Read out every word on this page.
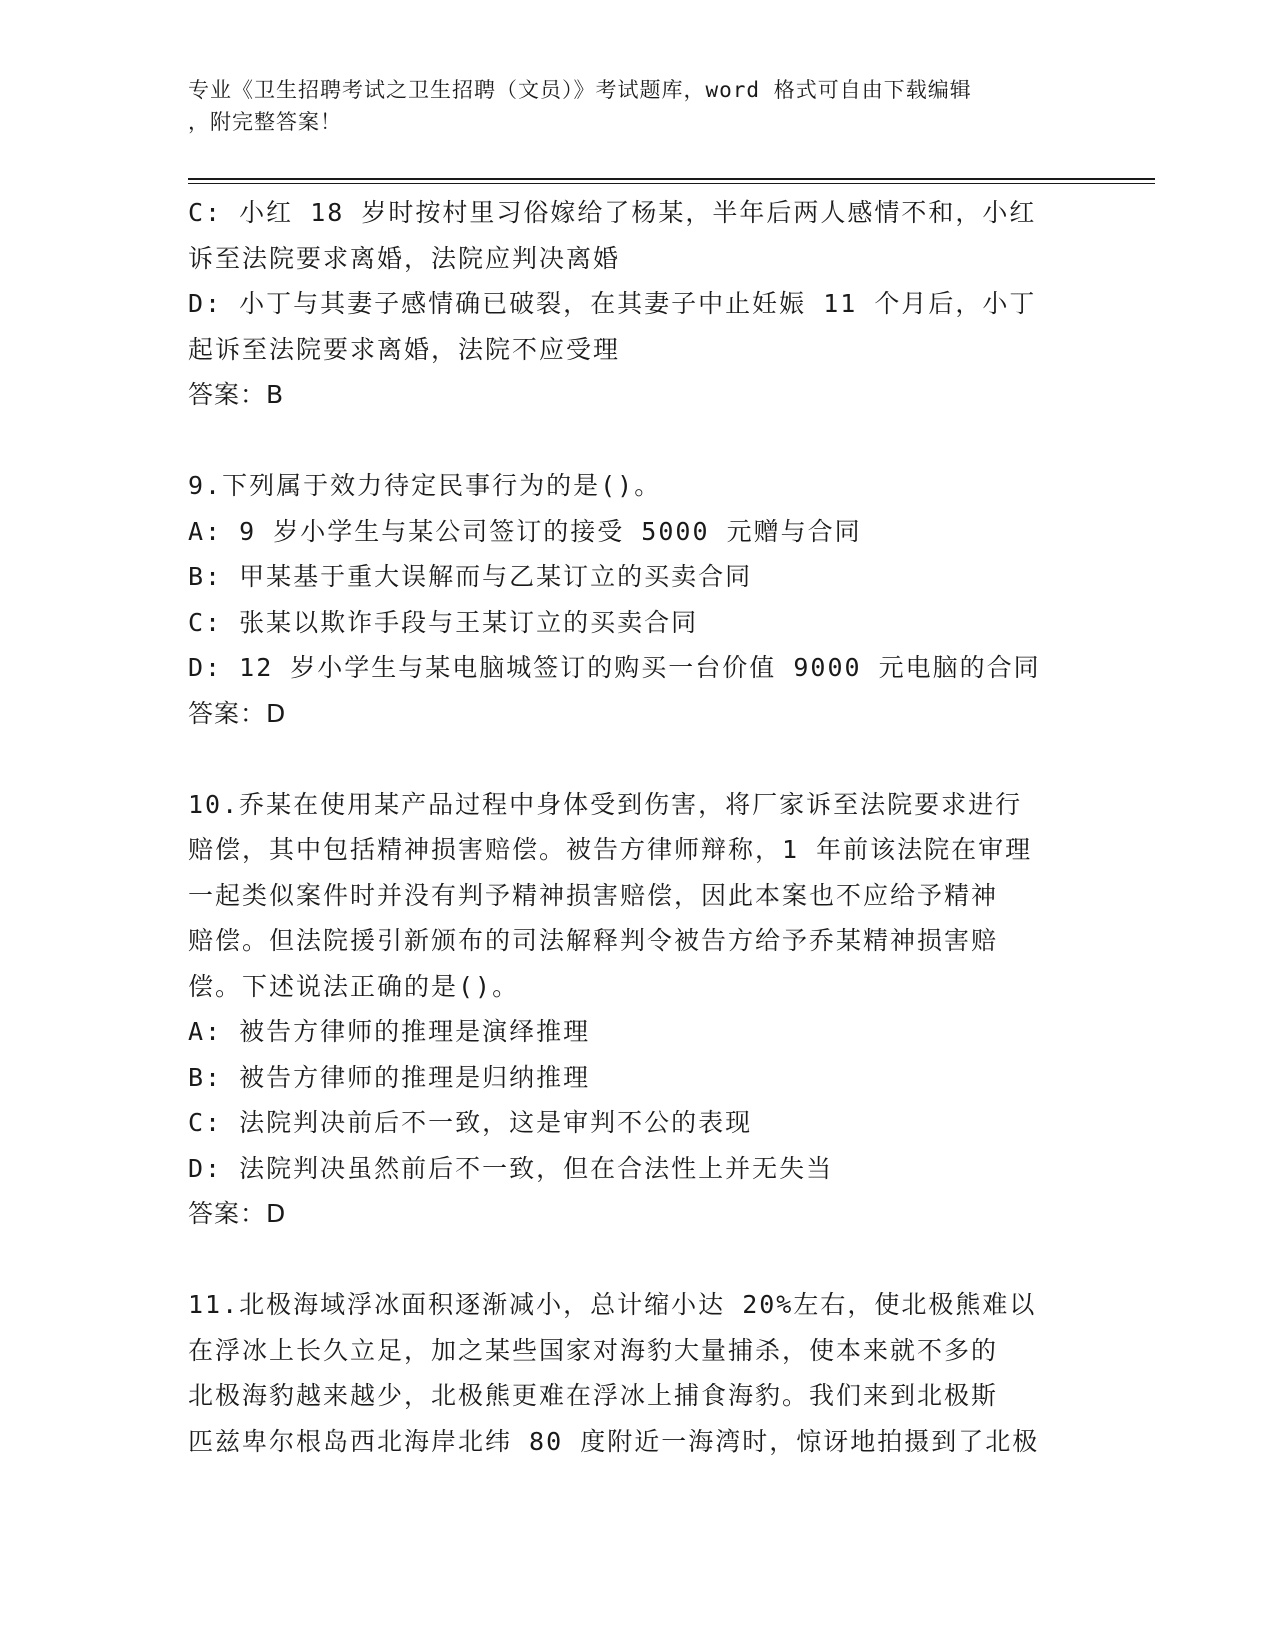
专业《卫生招聘考试之卫生招聘（文员）》考试题库，word 格式可自由下载编辑
，附完整答案！
C: 小红 18 岁时按村里习俗嫁给了杨某，半年后两人感情不和，小红
诉至法院要求离婚，法院应判决离婚
D: 小丁与其妻子感情确已破裂，在其妻子中止妊娠 11 个月后，小丁
起诉至法院要求离婚，法院不应受理
答案：B
9.下列属于效力待定民事行为的是()。
A: 9 岁小学生与某公司签订的接受 5000 元赠与合同
B: 甲某基于重大误解而与乙某订立的买卖合同
C: 张某以欺诈手段与王某订立的买卖合同
D: 12 岁小学生与某电脑城签订的购买一台价值 9000 元电脑的合同
答案：D
10.乔某在使用某产品过程中身体受到伤害，将厂家诉至法院要求进行
赔偿，其中包括精神损害赔偿。被告方律师辩称，1 年前该法院在审理
一起类似案件时并没有判予精神损害赔偿，因此本案也不应给予精神
赔偿。但法院援引新颁布的司法解释判令被告方给予乔某精神损害赔
偿。下述说法正确的是()。
A: 被告方律师的推理是演绎推理
B: 被告方律师的推理是归纳推理
C: 法院判决前后不一致，这是审判不公的表现
D: 法院判决虽然前后不一致，但在合法性上并无失当
答案：D
11.北极海域浮冰面积逐渐减小，总计缩小达 20%左右，使北极熊难以
在浮冰上长久立足，加之某些国家对海豹大量捕杀，使本来就不多的
北极海豹越来越少，北极熊更难在浮冰上捕食海豹。我们来到北极斯
匹兹卑尔根岛西北海岸北纬 80 度附近一海湾时，惊讶地拍摄到了北极
